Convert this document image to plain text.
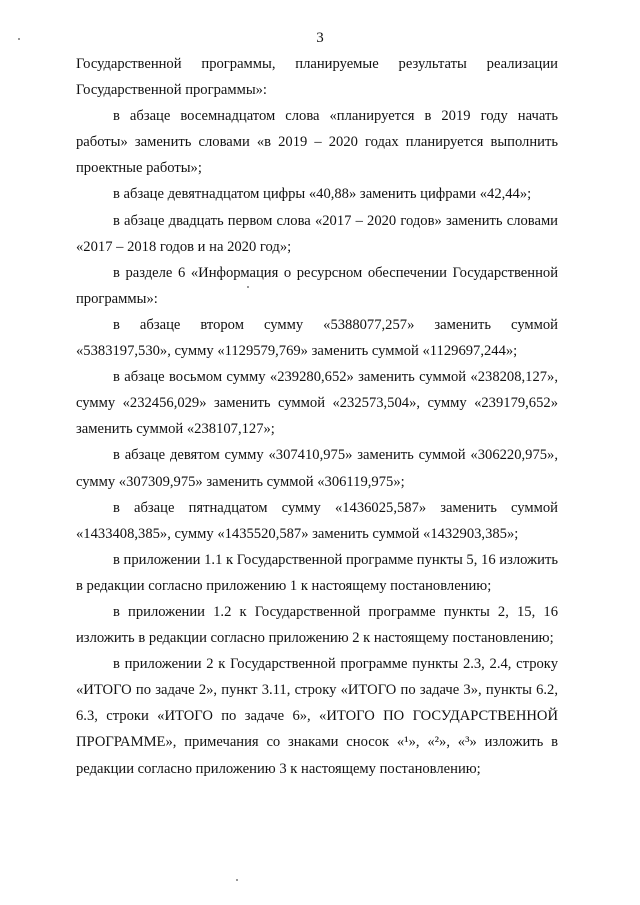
3

Государственной программы, планируемые результаты реализации Государственной программы»:

в абзаце восемнадцатом слова «планируется в 2019 году начать работы» заменить словами «в 2019 – 2020 годах планируется выполнить проектные работы»;

в абзаце девятнадцатом цифры «40,88» заменить цифрами «42,44»;

в абзаце двадцать первом слова «2017 – 2020 годов» заменить словами «2017 – 2018 годов и на 2020 год»;

в разделе 6 «Информация о ресурсном обеспечении Государственной программы»:

в абзаце втором сумму «5388077,257» заменить суммой «5383197,530», сумму «1129579,769» заменить суммой «1129697,244»;

в абзаце восьмом сумму «239280,652» заменить суммой «238208,127», сумму «232456,029» заменить суммой «232573,504», сумму «239179,652» заменить суммой «238107,127»;

в абзаце девятом сумму «307410,975» заменить суммой «306220,975», сумму «307309,975» заменить суммой «306119,975»;

в абзаце пятнадцатом сумму «1436025,587» заменить суммой «1433408,385», сумму «1435520,587» заменить суммой «1432903,385»;

в приложении 1.1 к Государственной программе пункты 5, 16 изложить в редакции согласно приложению 1 к настоящему постановлению;

в приложении 1.2 к Государственной программе пункты 2, 15, 16 изложить в редакции согласно приложению 2 к настоящему постановлению;

в приложении 2 к Государственной программе пункты 2.3, 2.4, строку «ИТОГО по задаче 2», пункт 3.11, строку «ИТОГО по задаче 3», пункты 6.2, 6.3, строки «ИТОГО по задаче 6», «ИТОГО ПО ГОСУДАРСТВЕННОЙ ПРОГРАММЕ», примечания со знаками сносок «¹», «²», «³» изложить в редакции согласно приложению 3 к настоящему постановлению;
